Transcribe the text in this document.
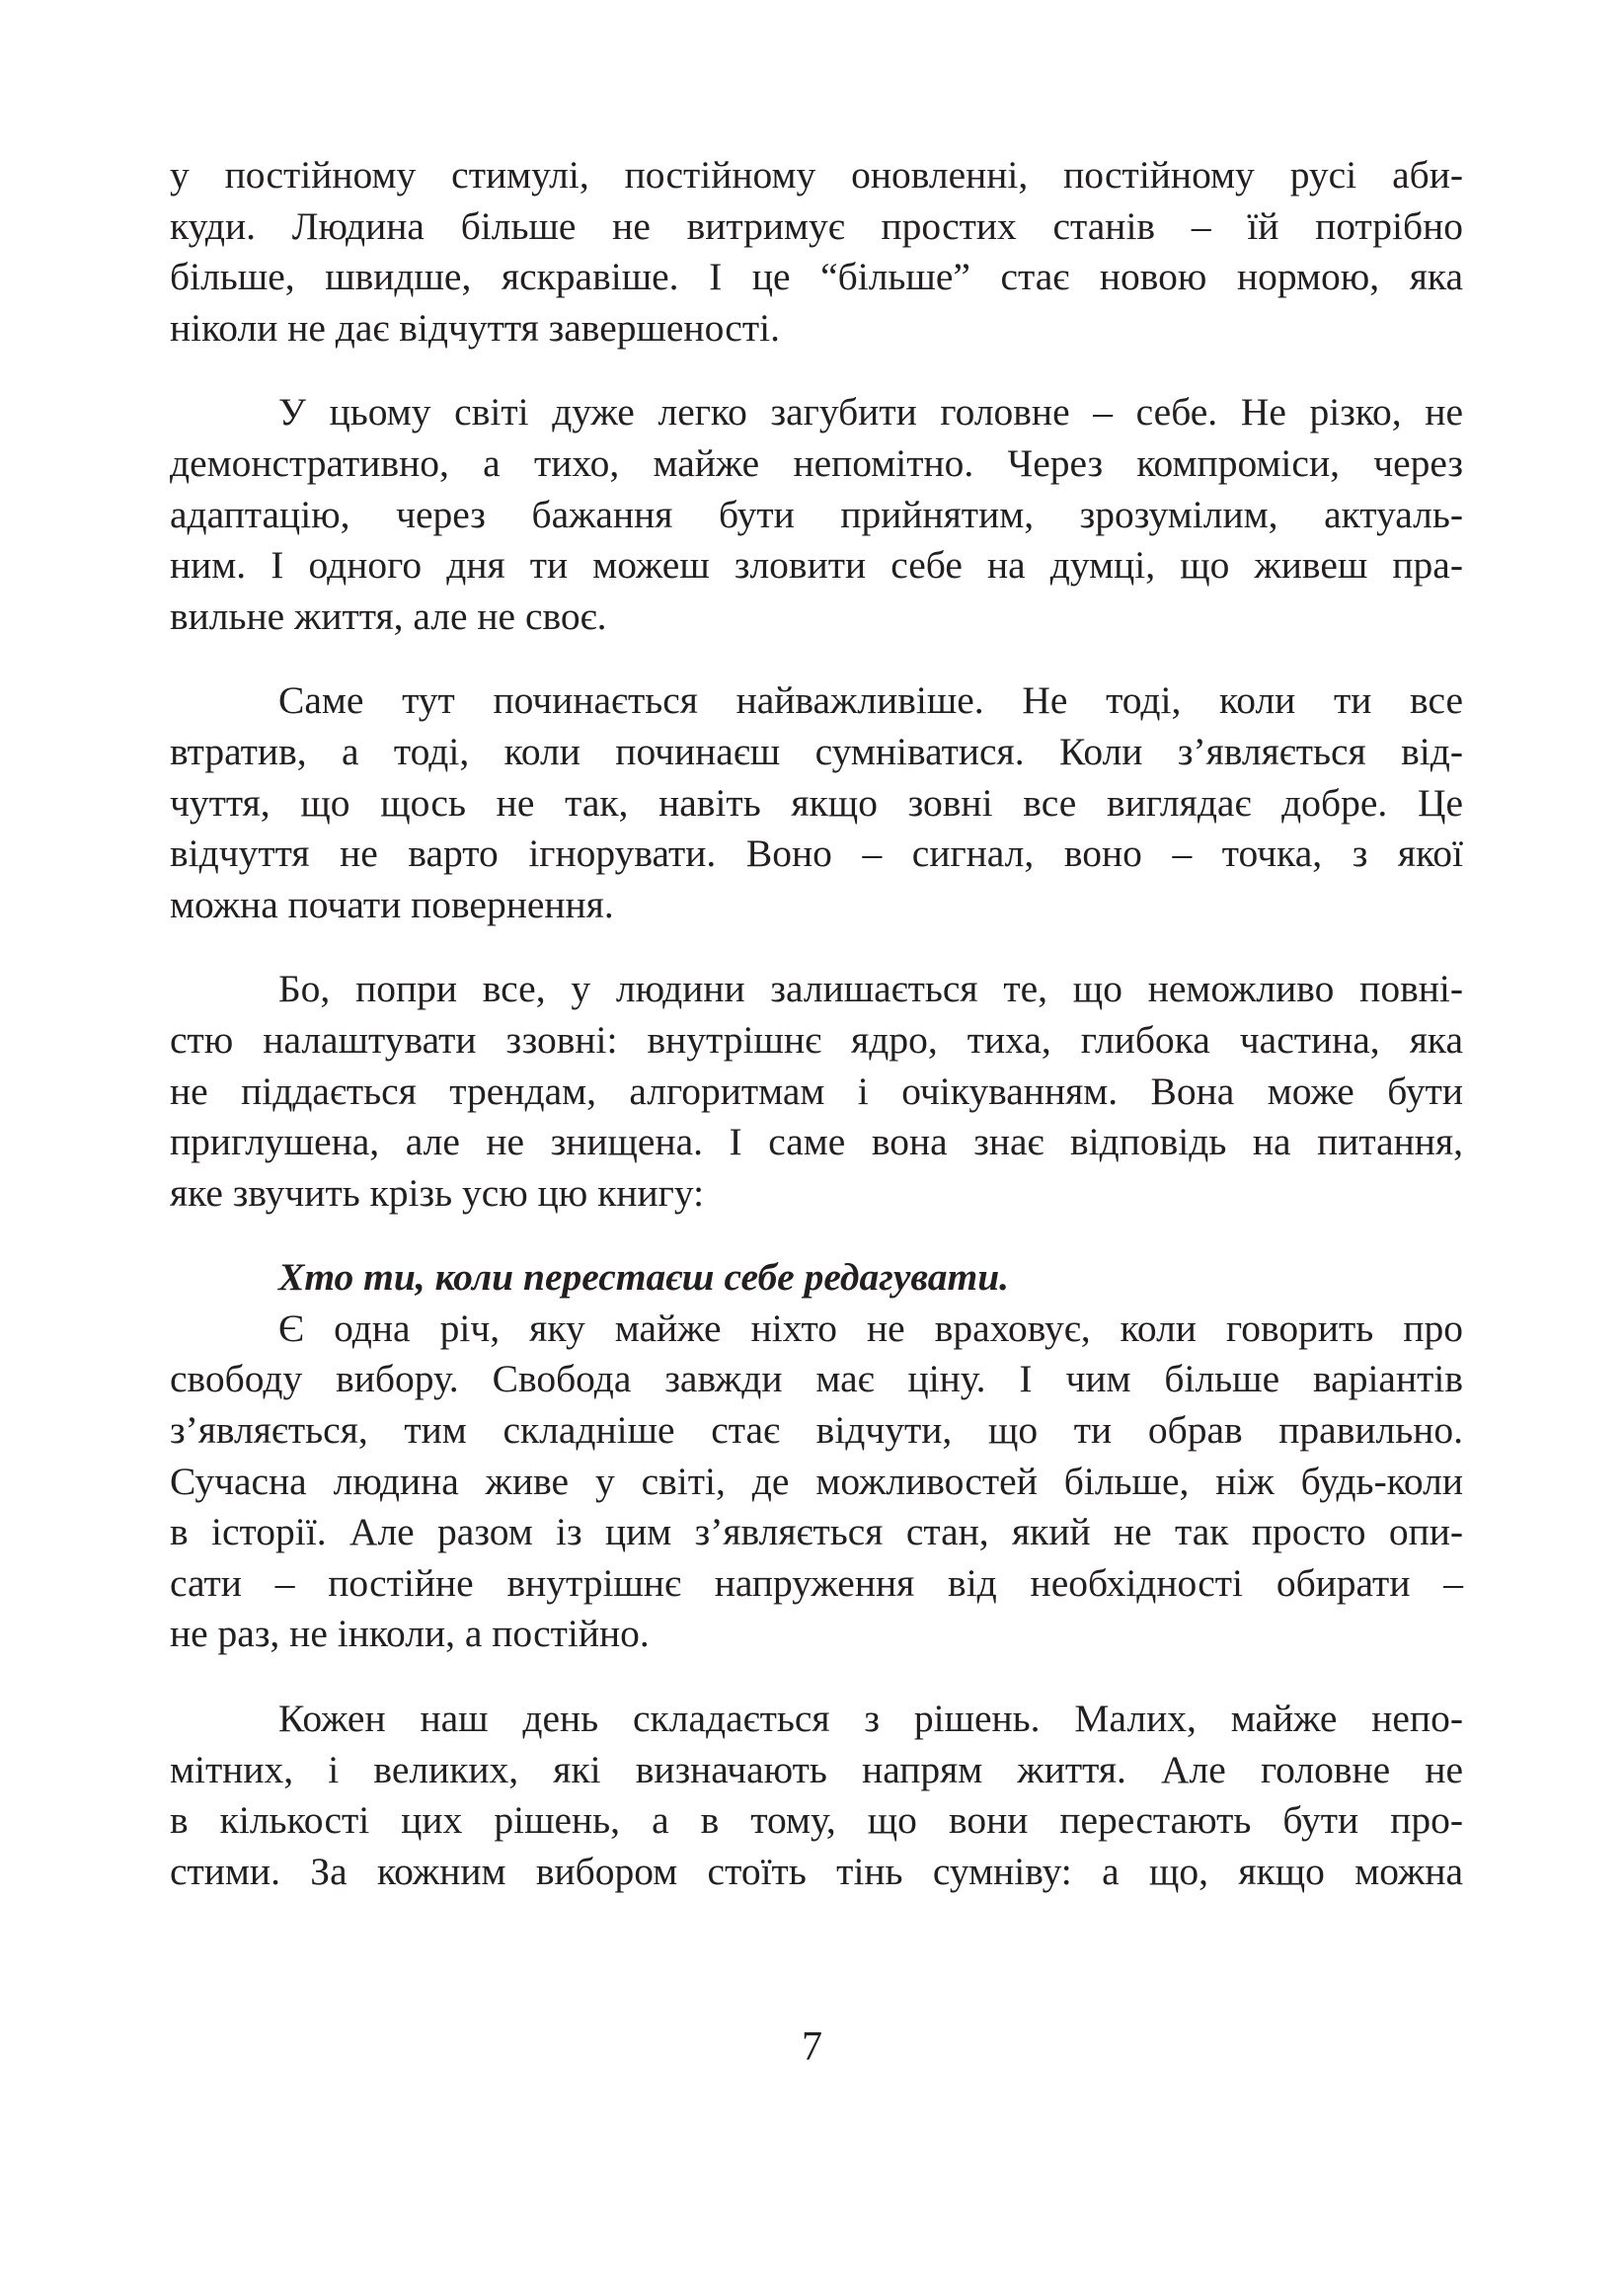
у постійному стимулі, постійному оновленні, постійному русі аби-
куди. Людина більше не витримує простих станів – їй потрібно
більше, швидше, яскравіше. І це “більше” стає новою нормою, яка
ніколи не дає відчуття завершеності.
У цьому світі дуже легко загубити головне – себе. Не різко, не
демонстративно, а тихо, майже непомітно. Через компроміси, через
адаптацію, через бажання бути прийнятим, зрозумілим, актуаль-
ним. І одного дня ти можеш зловити себе на думці, що живеш пра-
вильне життя, але не своє.
Саме тут починається найважливіше. Не тоді, коли ти все
втратив, а тоді, коли починаєш сумніватися. Коли з’являється від-
чуття, що щось не так, навіть якщо зовні все виглядає добре. Це
відчуття не варто ігнорувати. Воно – сигнал, воно – точка, з якої
можна почати повернення.
Бо, попри все, у людини залишається те, що неможливо повні-
стю налаштувати ззовні: внутрішнє ядро, тиха, глибока частина, яка
не піддається трендам, алгоритмам і очікуванням. Вона може бути
приглушена, але не знищена. І саме вона знає відповідь на питання,
яке звучить крізь усю цю книгу:
Хто ти, коли перестаєш себе редагувати.
Є одна річ, яку майже ніхто не враховує, коли говорить про
свободу вибору. Свобода завжди має ціну. І чим більше варіантів
з’являється, тим складніше стає відчути, що ти обрав правильно.
Сучасна людина живе у світі, де можливостей більше, ніж будь-коли
в історії. Але разом із цим з’являється стан, який не так просто опи-
сати – постійне внутрішнє напруження від необхідності обирати –
не раз, не інколи, а постійно.
Кожен наш день складається з рішень. Малих, майже непо-
мітних, і великих, які визначають напрям життя. Але головне не
в кількості цих рішень, а в тому, що вони перестають бути про-
стими. За кожним вибором стоїть тінь сумніву: а що, якщо можна
7
